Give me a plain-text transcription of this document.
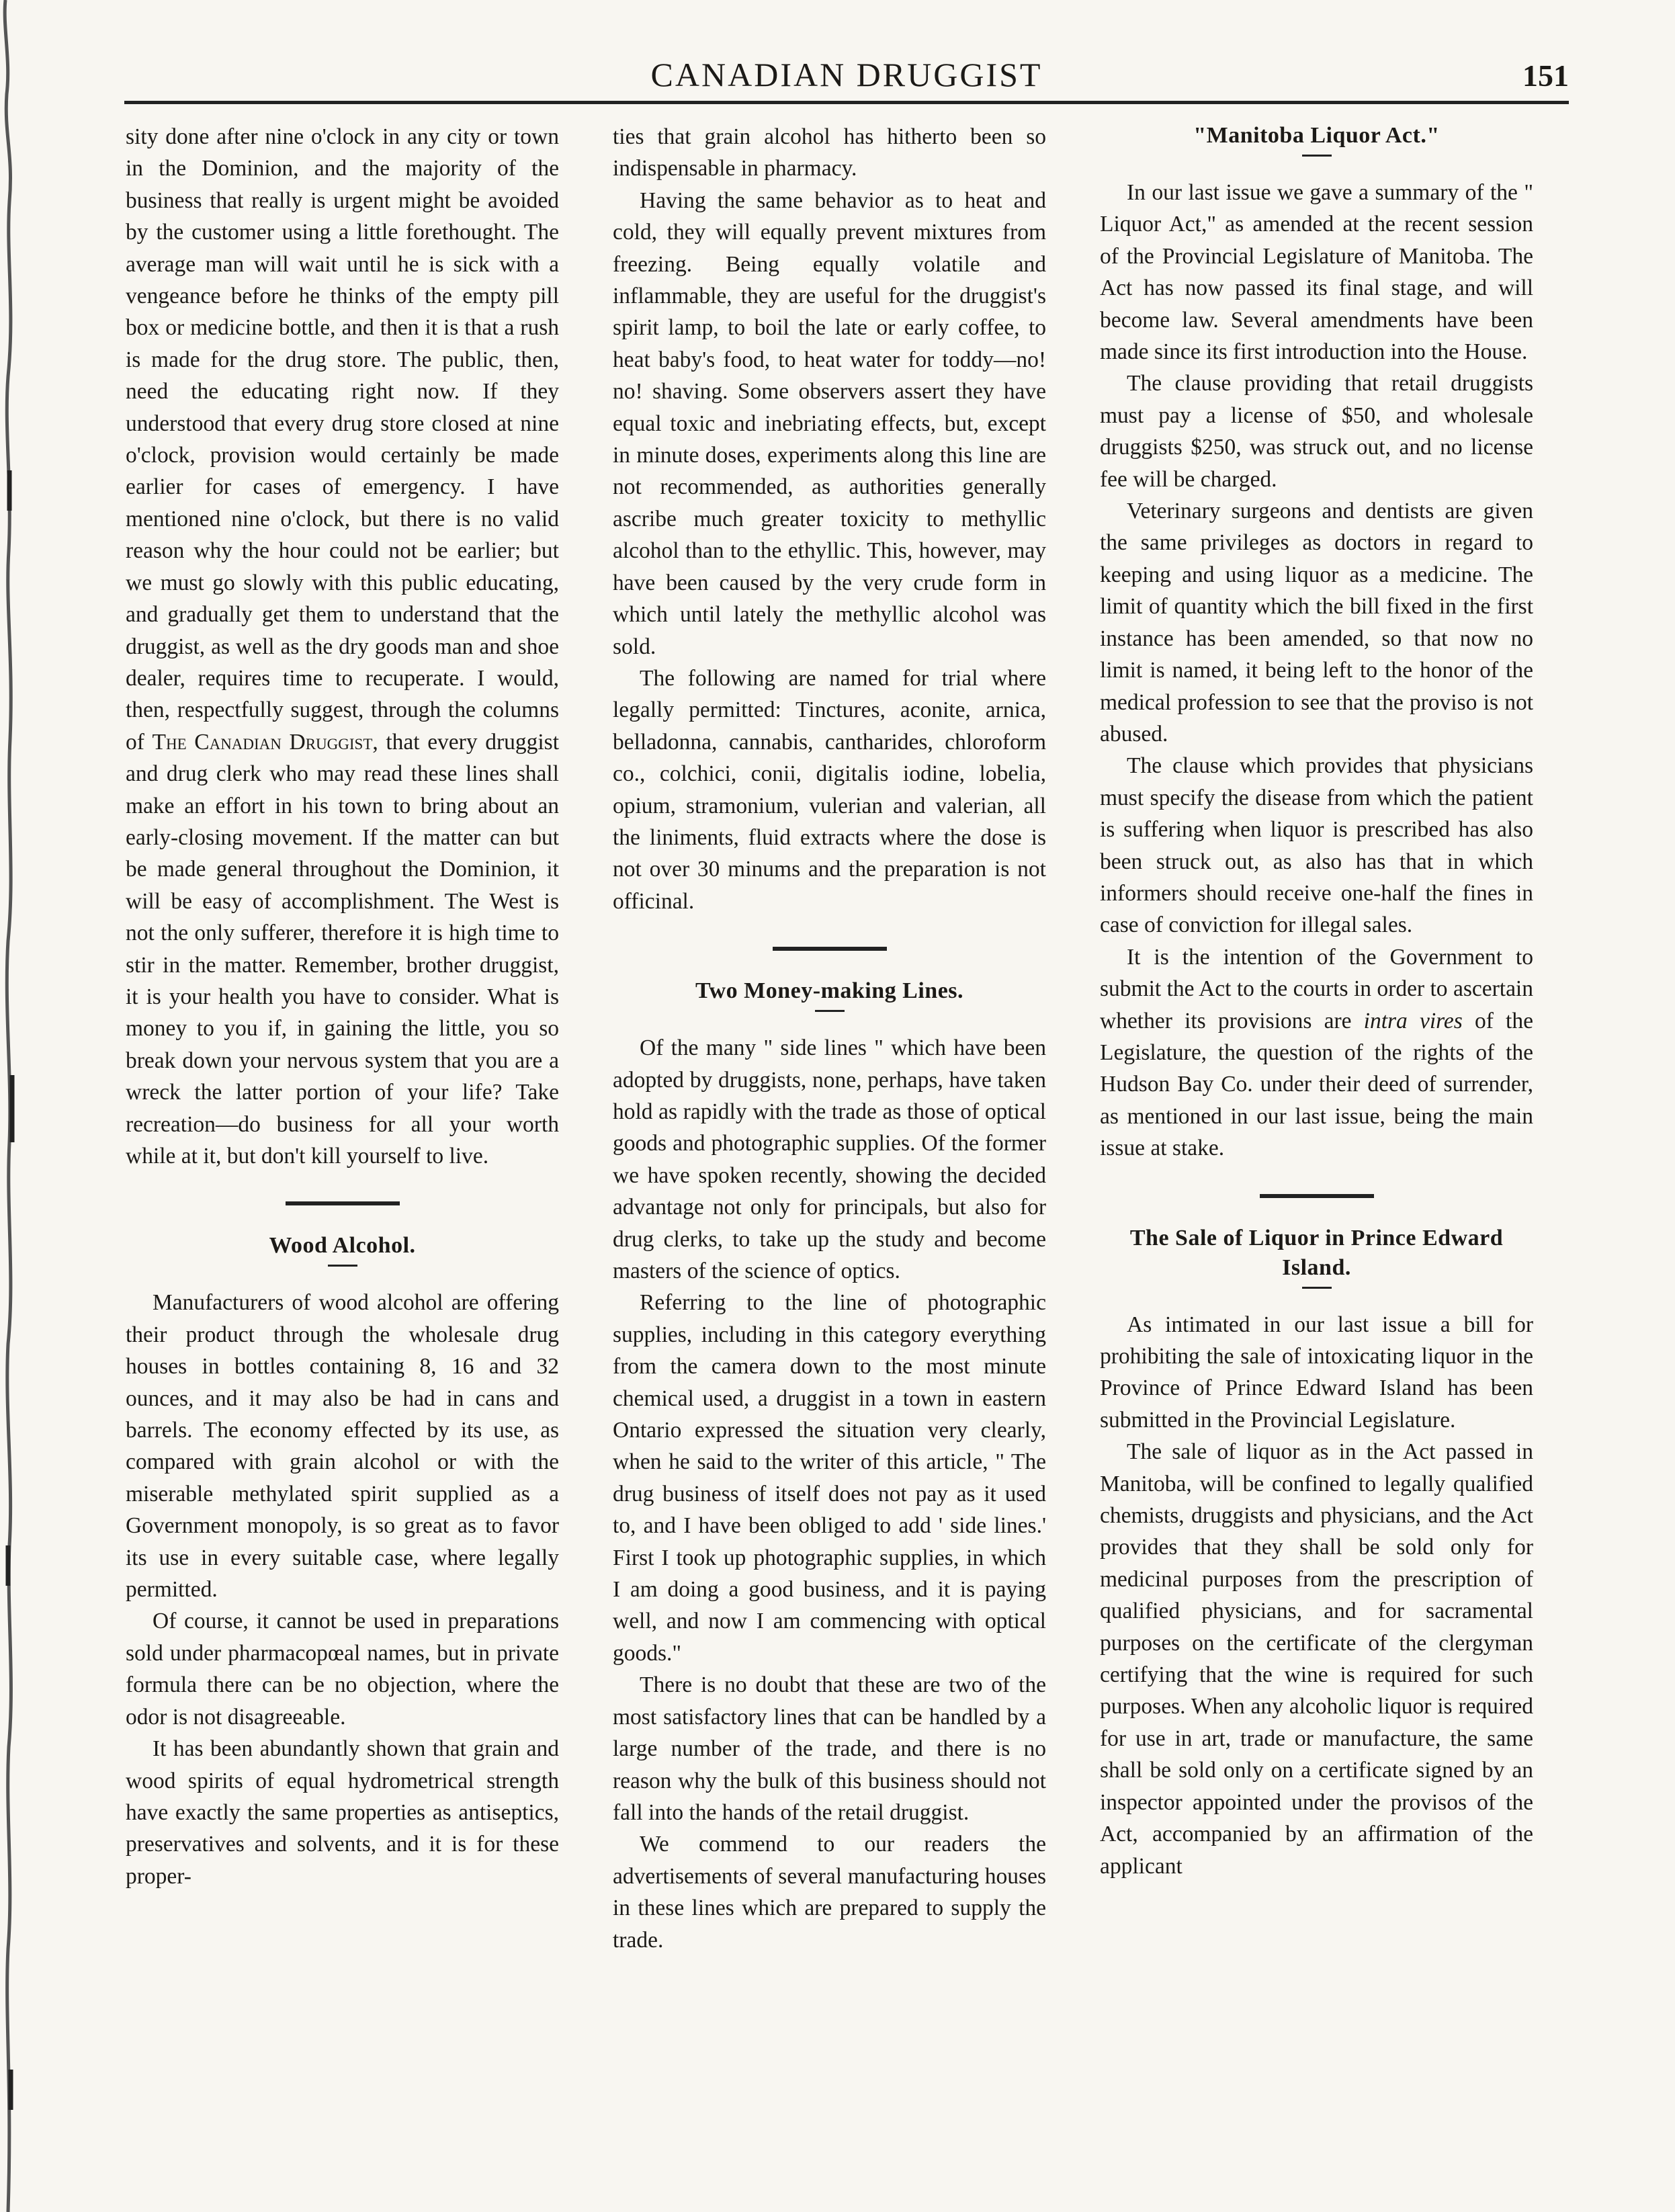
CANADIAN DRUGGIST	151

sity done after nine o'clock in any city or town in the Dominion, and the majority of the business that really is urgent might be avoided by the customer using a little forethought. The average man will wait until he is sick with a vengeance before he thinks of the empty pill box or medicine bottle, and then it is that a rush is made for the drug store. The public, then, need the educating right now. If they understood that every drug store closed at nine o'clock, provision would certainly be made earlier for cases of emergency. I have mentioned nine o'clock, but there is no valid reason why the hour could not be earlier; but we must go slowly with this public educating, and gradually get them to understand that the druggist, as well as the dry goods man and shoe dealer, requires time to recuperate. I would, then, respectfully suggest, through the columns of The Canadian Druggist, that every druggist and drug clerk who may read these lines shall make an effort in his town to bring about an early-closing movement. If the matter can but be made general throughout the Dominion, it will be easy of accomplishment. The West is not the only sufferer, therefore it is high time to stir in the matter. Remember, brother druggist, it is your health you have to consider. What is money to you if, in gaining the little, you so break down your nervous system that you are a wreck the latter portion of your life? Take recreation—do business for all your worth while at it, but don't kill yourself to live.

Wood Alcohol.

Manufacturers of wood alcohol are offering their product through the wholesale drug houses in bottles containing 8, 16 and 32 ounces, and it may also be had in cans and barrels. The economy effected by its use, as compared with grain alcohol or with the miserable methylated spirit supplied as a Government monopoly, is so great as to favor its use in every suitable case, where legally permitted.

Of course, it cannot be used in preparations sold under pharmacopœal names, but in private formula there can be no objection, where the odor is not disagreeable.

It has been abundantly shown that grain and wood spirits of equal hydrometrical strength have exactly the same properties as antiseptics, preservatives and solvents, and it is for these proper-

ties that grain alcohol has hitherto been so indispensable in pharmacy.

Having the same behavior as to heat and cold, they will equally prevent mixtures from freezing. Being equally volatile and inflammable, they are useful for the druggist's spirit lamp, to boil the late or early coffee, to heat baby's food, to heat water for toddy—no! no! shaving. Some observers assert they have equal toxic and inebriating effects, but, except in minute doses, experiments along this line are not recommended, as authorities generally ascribe much greater toxicity to methyllic alcohol than to the ethyllic. This, however, may have been caused by the very crude form in which until lately the methyllic alcohol was sold.

The following are named for trial where legally permitted: Tinctures, aconite, arnica, belladonna, cannabis, cantharides, chloroform co., colchici, conii, digitalis iodine, lobelia, opium, stramonium, vulerian and valerian, all the liniments, fluid extracts where the dose is not over 30 minums and the preparation is not officinal.

Two Money-making Lines.

Of the many " side lines " which have been adopted by druggists, none, perhaps, have taken hold as rapidly with the trade as those of optical goods and photographic supplies. Of the former we have spoken recently, showing the decided advantage not only for principals, but also for drug clerks, to take up the study and become masters of the science of optics.

Referring to the line of photographic supplies, including in this category everything from the camera down to the most minute chemical used, a druggist in a town in eastern Ontario expressed the situation very clearly, when he said to the writer of this article, " The drug business of itself does not pay as it used to, and I have been obliged to add ' side lines.' First I took up photographic supplies, in which I am doing a good business, and it is paying well, and now I am commencing with optical goods."

There is no doubt that these are two of the most satisfactory lines that can be handled by a large number of the trade, and there is no reason why the bulk of this business should not fall into the hands of the retail druggist.

We commend to our readers the advertisements of several manufacturing houses in these lines which are prepared to supply the trade.

"Manitoba Liquor Act."

In our last issue we gave a summary of the " Liquor Act," as amended at the recent session of the Provincial Legislature of Manitoba. The Act has now passed its final stage, and will become law. Several amendments have been made since its first introduction into the House.

The clause providing that retail druggists must pay a license of $50, and wholesale druggists $250, was struck out, and no license fee will be charged.

Veterinary surgeons and dentists are given the same privileges as doctors in regard to keeping and using liquor as a medicine. The limit of quantity which the bill fixed in the first instance has been amended, so that now no limit is named, it being left to the honor of the medical profession to see that the proviso is not abused.

The clause which provides that physicians must specify the disease from which the patient is suffering when liquor is prescribed has also been struck out, as also has that in which informers should receive one-half the fines in case of conviction for illegal sales.

It is the intention of the Government to submit the Act to the courts in order to ascertain whether its provisions are intra vires of the Legislature, the question of the rights of the Hudson Bay Co. under their deed of surrender, as mentioned in our last issue, being the main issue at stake.

The Sale of Liquor in Prince Edward Island.

As intimated in our last issue a bill for prohibiting the sale of intoxicating liquor in the Province of Prince Edward Island has been submitted in the Provincial Legislature.

The sale of liquor as in the Act passed in Manitoba, will be confined to legally qualified chemists, druggists and physicians, and the Act provides that they shall be sold only for medicinal purposes from the prescription of qualified physicians, and for sacramental purposes on the certificate of the clergyman certifying that the wine is required for such purposes. When any alcoholic liquor is required for use in art, trade or manufacture, the same shall be sold only on a certificate signed by an inspector appointed under the provisos of the Act, accompanied by an affirmation of the applicant
